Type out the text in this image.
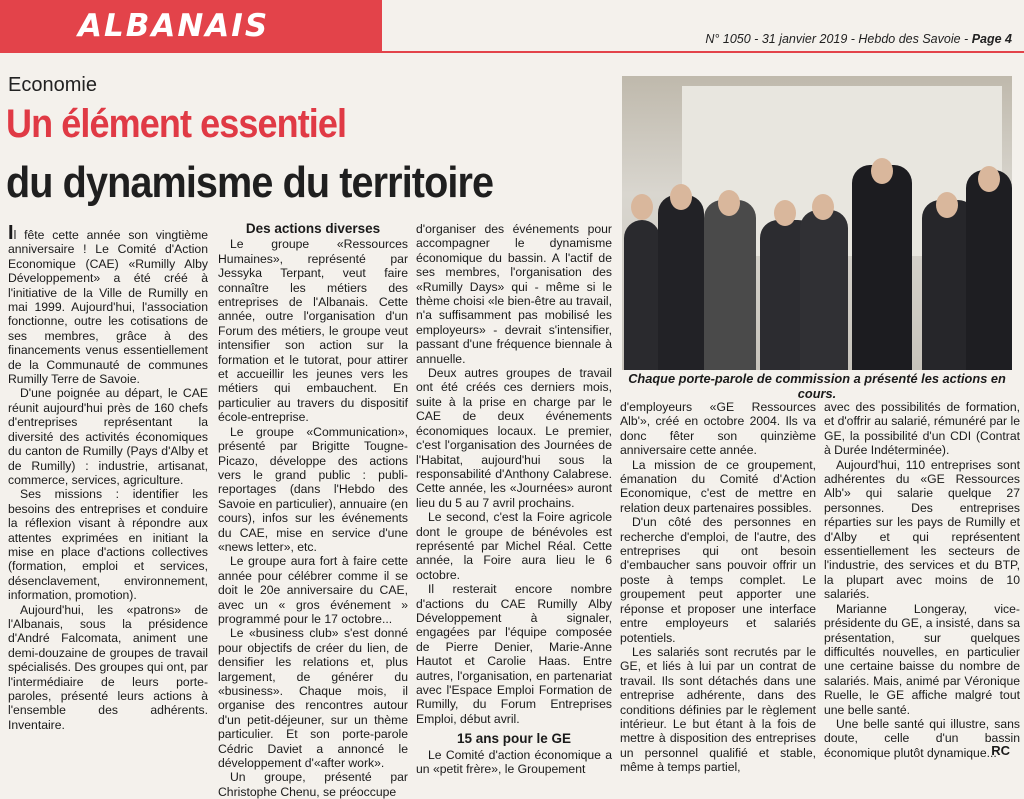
ALBANAIS	N° 1050 - 31 janvier 2019 - Hebdo des Savoie - Page 4
Economie
Un élément essentiel
du dynamisme du territoire

Il fête cette année son vingtième anniversaire ! Le Comité d'Action Economique (CAE) «Rumilly Alby Développement» a été créé à l'initiative de la Ville de Rumilly en mai 1999. Aujourd'hui, l'association fonctionne, outre les cotisations de ses membres, grâce à des financements venus essentiellement de la Communauté de communes Rumilly Terre de Savoie.

D'une poignée au départ, le CAE réunit aujourd'hui près de 160 chefs d'entreprises représentant la diversité des activités économiques du canton de Rumilly (Pays d'Alby et de Rumilly) : industrie, artisanat, commerce, services, agriculture.

Ses missions : identifier les besoins des entreprises et conduire la réflexion visant à répondre aux attentes exprimées en initiant la mise en place d'actions collectives (formation, emploi et services, désenclavement, environnement, information, promotion).

Aujourd'hui, les «patrons» de l'Albanais, sous la présidence d'André Falcomata, animent une demi-douzaine de groupes de travail spécialisés. Des groupes qui ont, par l'intermédiaire de leurs porte-paroles, présenté leurs actions à l'ensemble des adhérents. Inventaire.

Des actions diverses

Le groupe «Ressources Humaines», représenté par Jessyka Terpant, veut faire connaître les métiers des entreprises de l'Albanais. Cette année, outre l'organisation d'un Forum des métiers, le groupe veut intensifier son action sur la formation et le tutorat, pour attirer et accueillir les jeunes vers les métiers qui embauchent. En particulier au travers du dispositif école-entreprise.

Le groupe «Communication», présenté par Brigitte Tougne-Picazo, développe des actions vers le grand public : publi-reportages (dans l'Hebdo des Savoie en particulier), annuaire (en cours), infos sur les événements du CAE, mise en service d'une «news letter», etc.

Le groupe aura fort à faire cette année pour célébrer comme il se doit le 20e anniversaire du CAE, avec un « gros événement » programmé pour le 17 octobre...

Le «business club» s'est donné pour objectifs de créer du lien, de densifier les relations et, plus largement, de générer du «business». Chaque mois, il organise des rencontres autour d'un petit-déjeuner, sur un thème particulier. Et son porte-parole Cédric Daviet a annoncé le développement d'«after work».

Un groupe, présenté par Christophe Chenu, se préoccupe

d'organiser des événements pour accompagner le dynamisme économique du bassin. A l'actif de ses membres, l'organisation des «Rumilly Days» qui - même si le thème choisi «le bien-être au travail, n'a suffisamment pas mobilisé les employeurs» - devrait s'intensifier, passant d'une fréquence biennale à annuelle.

Deux autres groupes de travail ont été créés ces derniers mois, suite à la prise en charge par le CAE de deux événements économiques locaux. Le premier, c'est l'organisation des Journées de l'Habitat, aujourd'hui sous la responsabilité d'Anthony Calabrese. Cette année, les «Journées» auront lieu du 5 au 7 avril prochains.

Le second, c'est la Foire agricole dont le groupe de bénévoles est représenté par Michel Réal. Cette année, la Foire aura lieu le 6 octobre.

Il resterait encore nombre d'actions du CAE Rumilly Alby Développement à signaler, engagées par l'équipe composée de Pierre Denier, Marie-Anne Hautot et Carolie Haas. Entre autres, l'organisation, en partenariat avec l'Espace Emploi Formation de Rumilly, du Forum Entreprises Emploi, début avril.

15 ans pour le GE

Le Comité d'action économique a un «petit frère», le Groupement

Chaque porte-parole de commission a présenté les actions en cours.

d'employeurs «GE Ressources Alb'», créé en octobre 2004. Ils va donc fêter son quinzième anniversaire cette année.

La mission de ce groupement, émanation du Comité d'Action Economique, c'est de mettre en relation deux partenaires possibles.

D'un côté des personnes en recherche d'emploi, de l'autre, des entreprises qui ont besoin d'embaucher sans pouvoir offrir un poste à temps complet. Le groupement peut apporter une réponse et proposer une interface entre employeurs et salariés potentiels.

Les salariés sont recrutés par le GE, et liés à lui par un contrat de travail. Ils sont détachés dans une entreprise adhérente, dans des conditions définies par le règlement intérieur. Le but étant à la fois de mettre à disposition des entreprises un personnel qualifié et stable, même à temps partiel,

avec des possibilités de formation, et d'offrir au salarié, rémunéré par le GE, la possibilité d'un CDI (Contrat à Durée Indéterminée).

Aujourd'hui, 110 entreprises sont adhérentes du «GE Ressources Alb'» qui salarie quelque 27 personnes. Des entreprises réparties sur les pays de Rumilly et d'Alby et qui représentent essentiellement les secteurs de l'industrie, des services et du BTP, la plupart avec moins de 10 salariés.

Marianne Longeray, vice-présidente du GE, a insisté, dans sa présentation, sur quelques difficultés nouvelles, en particulier une certaine baisse du nombre de salariés. Mais, animé par Véronique Ruelle, le GE affiche malgré tout une belle santé.

Une belle santé qui illustre, sans doute, celle d'un bassin économique plutôt dynamique...

RC
